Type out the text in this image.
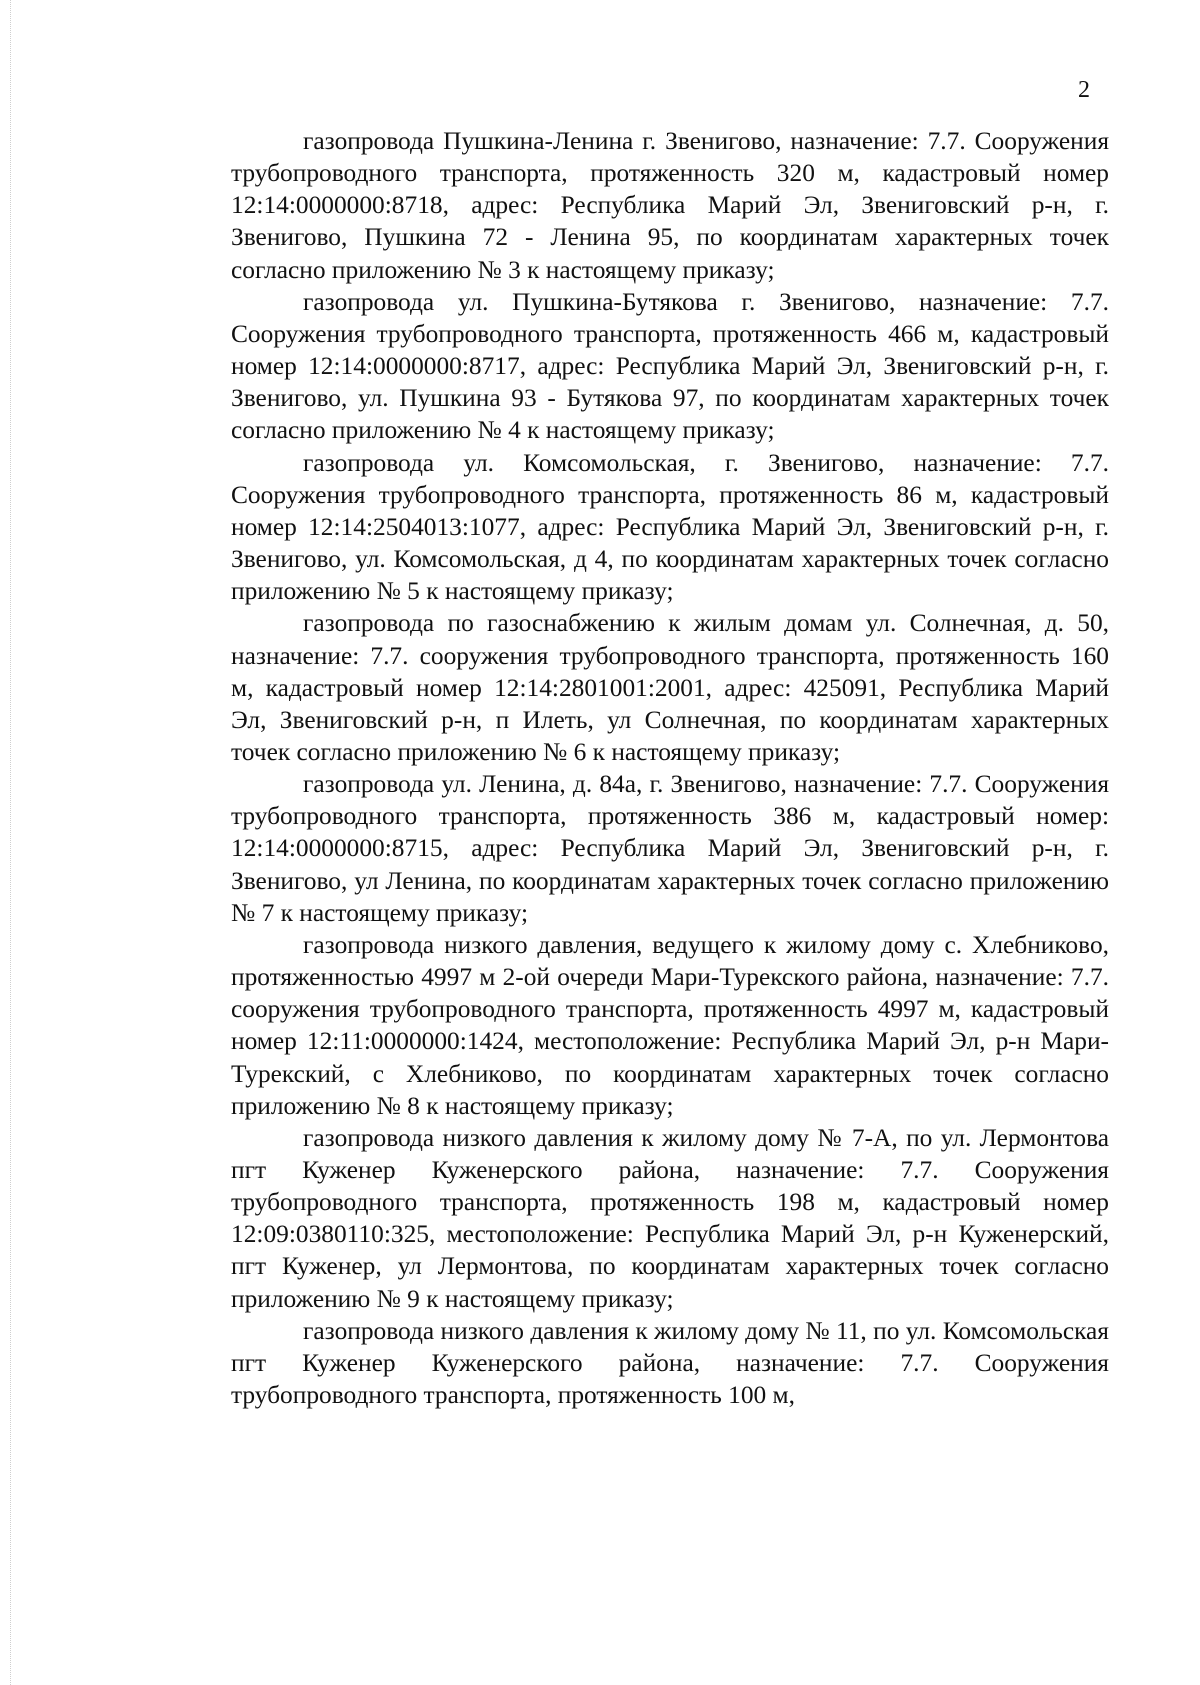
2

газопровода Пушкина-Ленина г. Звенигово, назначение: 7.7. Сооружения трубопроводного транспорта, протяженность 320 м, кадастровый номер 12:14:0000000:8718, адрес: Республика Марий Эл, Звениговский р-н, г. Звенигово, Пушкина 72 - Ленина 95, по координатам характерных точек согласно приложению № 3 к настоящему приказу;

газопровода ул. Пушкина-Бутякова г. Звенигово, назначение: 7.7. Сооружения трубопроводного транспорта, протяженность 466 м, кадастровый номер 12:14:0000000:8717, адрес: Республика Марий Эл, Звениговский р-н, г. Звенигово, ул. Пушкина 93 - Бутякова 97, по координатам характерных точек согласно приложению № 4 к настоящему приказу;

газопровода ул. Комсомольская, г. Звенигово, назначение: 7.7. Сооружения трубопроводного транспорта, протяженность 86 м, кадастровый номер 12:14:2504013:1077, адрес: Республика Марий Эл, Звениговский р-н, г. Звенигово, ул. Комсомольская, д 4, по координатам характерных точек согласно приложению № 5 к настоящему приказу;

газопровода по газоснабжению к жилым домам ул. Солнечная, д. 50, назначение: 7.7. сооружения трубопроводного транспорта, протяженность 160 м, кадастровый номер 12:14:2801001:2001, адрес: 425091, Республика Марий Эл, Звениговский р-н, п Илеть, ул Солнечная, по координатам характерных точек согласно приложению № 6 к настоящему приказу;

газопровода ул. Ленина, д. 84а, г. Звенигово, назначение: 7.7. Сооружения трубопроводного транспорта, протяженность 386 м, кадастровый номер: 12:14:0000000:8715, адрес: Республика Марий Эл, Звениговский р-н, г. Звенигово, ул Ленина, по координатам характерных точек согласно приложению № 7 к настоящему приказу;

газопровода низкого давления, ведущего к жилому дому с. Хлебниково, протяженностью 4997 м 2-ой очереди Мари-Турекского района, назначение: 7.7. сооружения трубопроводного транспорта, протяженность 4997 м, кадастровый номер 12:11:0000000:1424, местоположение: Республика Марий Эл, р-н Мари-Турекский, с Хлебниково, по координатам характерных точек согласно приложению № 8 к настоящему приказу;

газопровода низкого давления к жилому дому № 7-А, по ул. Лермонтова пгт Куженер Куженерского района, назначение: 7.7. Сооружения трубопроводного транспорта, протяженность 198 м, кадастровый номер 12:09:0380110:325, местоположение: Республика Марий Эл, р-н Куженерский, пгт Куженер, ул Лермонтова, по координатам характерных точек согласно приложению № 9 к настоящему приказу;

газопровода низкого давления к жилому дому № 11, по ул. Комсомольская пгт Куженер Куженерского района, назначение: 7.7. Сооружения трубопроводного транспорта, протяженность 100 м,
